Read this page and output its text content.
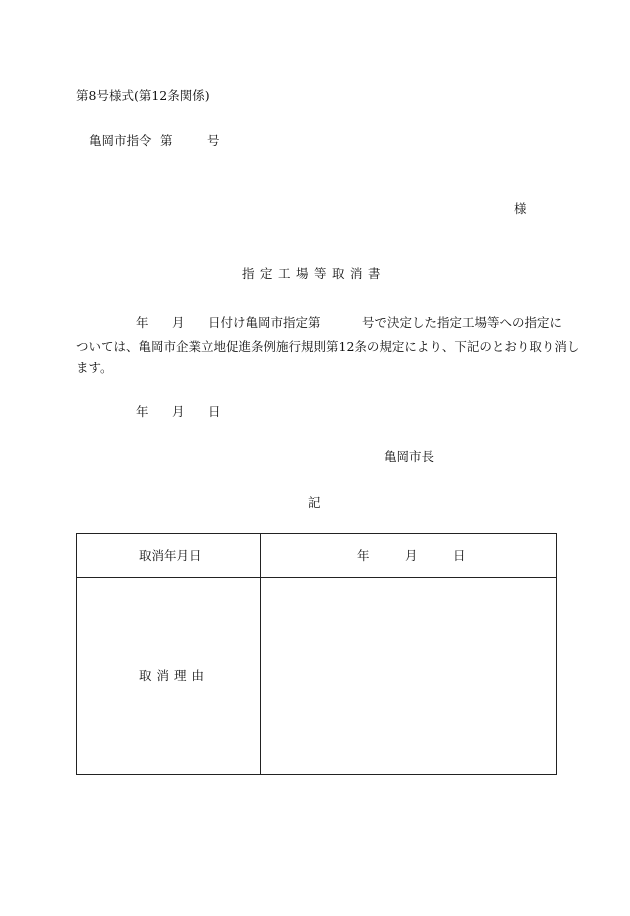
第8号様式(第12条関係)
亀岡市指令 第	号
様
指定工場等取消書
年 月 日付け亀岡市指定第	号で決定した指定工場等への指定に
ついては、亀岡市企業立地促進条例施行規則第12条の規定により、下記のとおり取り消し
ます。
年 月 日
亀岡市長
記
取消年月日	年	月	日
取消理由
